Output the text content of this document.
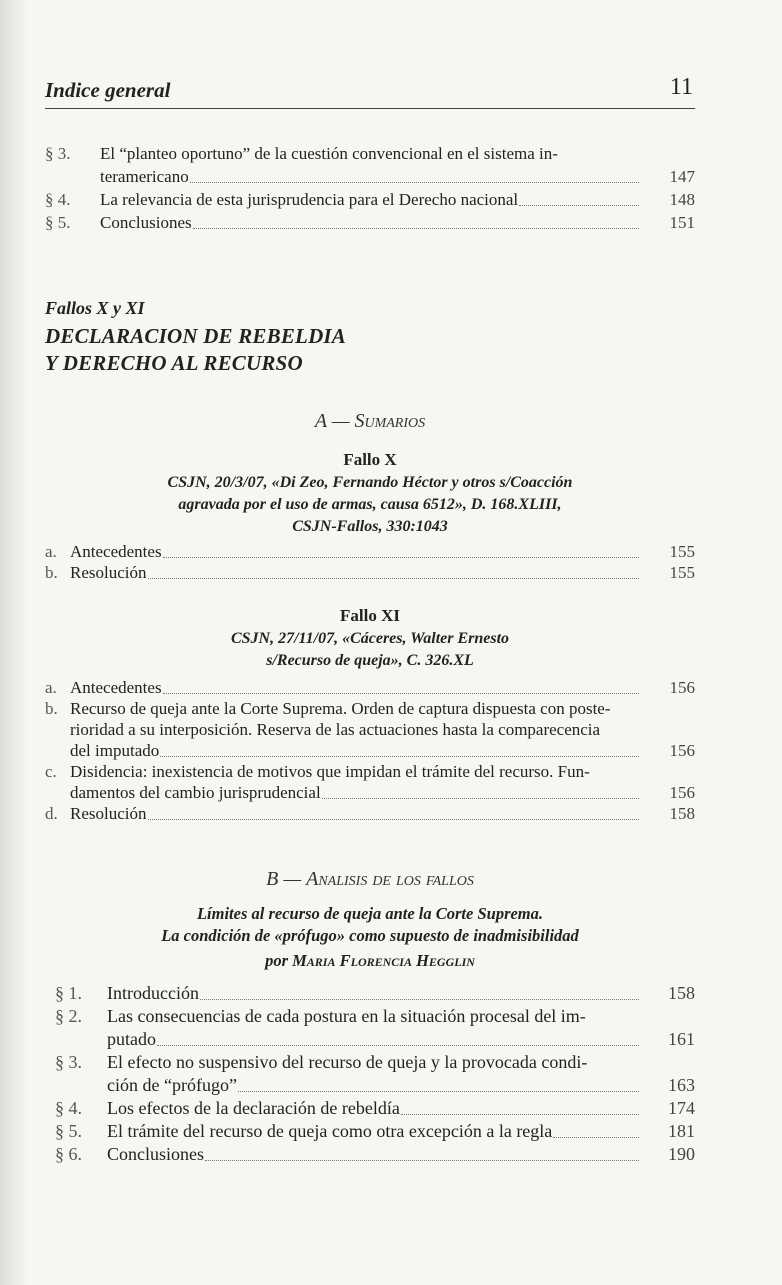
Indice general	11
§ 3.	El “planteo oportuno” de la cuestión convencional en el sistema in-
teramericano	147
§ 4.	La relevancia de esta jurisprudencia para el Derecho nacional	148
§ 5.	Conclusiones	151
Fallos X y XI
DECLARACION DE REBELDIA
Y DERECHO AL RECURSO
A — Sumarios
Fallo X
CSJN, 20/3/07, «Di Zeo, Fernando Héctor y otros s/Coacción
agravada por el uso de armas, causa 6512», D. 168.XLIII,
CSJN-Fallos, 330:1043
a. Antecedentes	155
b. Resolución	155
Fallo XI
CSJN, 27/11/07, «Cáceres, Walter Ernesto
s/Recurso de queja», C. 326.XL
a. Antecedentes	156
b. Recurso de queja ante la Corte Suprema. Orden de captura dispuesta con poste-
rioridad a su interposición. Reserva de las actuaciones hasta la comparecencia
del imputado	156
c. Disidencia: inexistencia de motivos que impidan el trámite del recurso. Fun-
damentos del cambio jurisprudencial	156
d. Resolución	158
B — Analisis de los fallos
Límites al recurso de queja ante la Corte Suprema.
La condición de «prófugo» como supuesto de inadmisibilidad
por Maria Florencia Hegglin
§ 1.	Introducción	158
§ 2.	Las consecuencias de cada postura en la situación procesal del im-
putado	161
§ 3.	El efecto no suspensivo del recurso de queja y la provocada condi-
ción de “prófugo”	163
§ 4.	Los efectos de la declaración de rebeldía	174
§ 5.	El trámite del recurso de queja como otra excepción a la regla	181
§ 6.	Conclusiones	190
